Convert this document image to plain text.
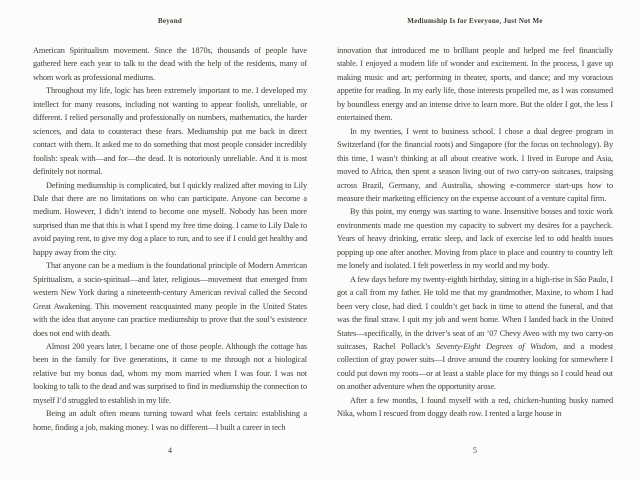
Beyond

American Spiritualism movement. Since the 1870s, thousands of people have gathered here each year to talk to the dead with the help of the residents, many of whom work as professional mediums.

Throughout my life, logic has been extremely important to me. I developed my intellect for many reasons, including not wanting to appear foolish, unreliable, or different. I relied personally and professionally on numbers, mathematics, the harder sciences, and data to counteract these fears. Mediumship put me back in direct contact with them. It asked me to do something that most people consider incredibly foolish: speak with—and for—the dead. It is notoriously unreliable. And it is most definitely not normal.

Defining mediumship is complicated, but I quickly realized after moving to Lily Dale that there are no limitations on who can participate. Anyone can become a medium. However, I didn’t intend to become one myself. Nobody has been more surprised than me that this is what I spend my free time doing. I came to Lily Dale to avoid paying rent, to give my dog a place to run, and to see if I could get healthy and happy away from the city.

That anyone can be a medium is the foundational principle of Modern American Spiritualism, a socio-spiritual—and later, religious—movement that emerged from western New York during a nineteenth-century American revival called the Second Great Awakening. This movement reacquainted many people in the United States with the idea that anyone can practice mediumship to prove that the soul’s existence does not end with death.

Almost 200 years later, I became one of those people. Although the cottage has been in the family for five generations, it came to me through not a biological relative but my bonus dad, whom my mom married when I was four. I was not looking to talk to the dead and was surprised to find in mediumship the connection to myself I’d struggled to establish in my life.

Being an adult often means turning toward what feels certain: establishing a home, finding a job, making money. I was no different—I built a career in tech

4
Mediumship Is for Everyone, Just Not Me

innovation that introduced me to brilliant people and helped me feel financially stable. I enjoyed a modern life of wonder and excitement. In the process, I gave up making music and art; performing in theater, sports, and dance; and my voracious appetite for reading. In my early life, those interests propelled me, as I was consumed by boundless energy and an intense drive to learn more. But the older I got, the less I entertained them.

In my twenties, I went to business school. I chose a dual degree program in Switzerland (for the financial roots) and Singapore (for the focus on technology). By this time, I wasn’t thinking at all about creative work. I lived in Europe and Asia, moved to Africa, then spent a season living out of two carry-on suitcases, traipsing across Brazil, Germany, and Australia, showing e-commerce start-ups how to measure their marketing efficiency on the expense account of a venture capital firm.

By this point, my energy was starting to wane. Insensitive bosses and toxic work environments made me question my capacity to subvert my desires for a paycheck. Years of heavy drinking, erratic sleep, and lack of exercise led to odd health issues popping up one after another. Moving from place to place and country to country left me lonely and isolated. I felt powerless in my world and my body.

A few days before my twenty-eighth birthday, sitting in a high-rise in São Paulo, I got a call from my father. He told me that my grandmother, Maxine, to whom I had been very close, had died. I couldn’t get back in time to attend the funeral, and that was the final straw. I quit my job and went home. When I landed back in the United States—specifically, in the driver’s seat of an ’07 Chevy Aveo with my two carry-on suitcases, Rachel Pollack’s Seventy-Eight Degrees of Wisdom, and a modest collection of gray power suits—I drove around the country looking for somewhere I could put down my roots—or at least a stable place for my things so I could head out on another adventure when the opportunity arose.

After a few months, I found myself with a red, chicken-hunting husky named Nika, whom I rescued from doggy death row. I rented a large house in

5
